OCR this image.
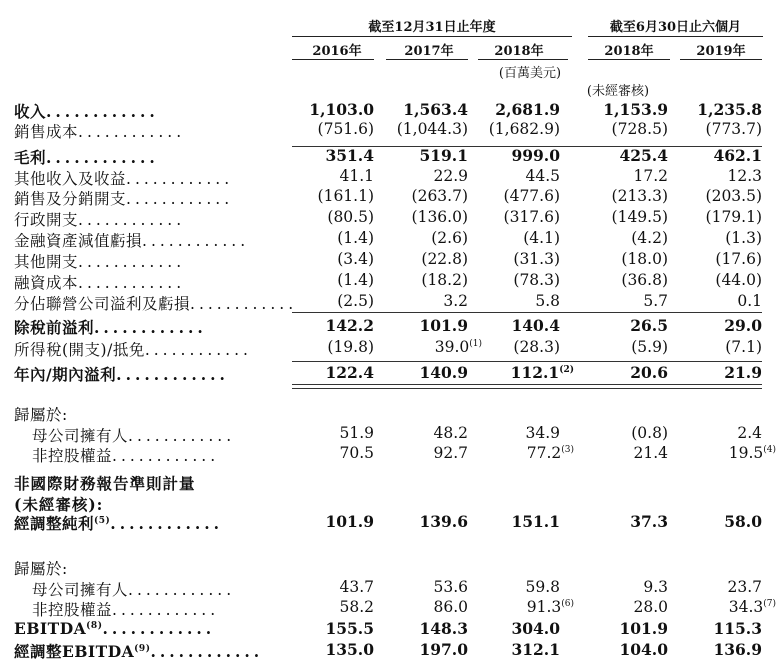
截至12月31日止年度	截至6月30日止六個月
2016年	2017年	2018年	2018年	2019年
(百萬美元)
(未經審核)
收入............	1,103.0 1,563.4 2,681.9	1,153.9 1,235.8
銷售成本............	(751.6) (1,044.3) (1,682.9)	(728.5) (773.7)
毛利............	351.4	519.1	999.0	425.4	462.1
其他收入及收益............	41.1	22.9	44.5	17.2	12.3
銷售及分銷開支............	(161.1) (263.7) (477.6)	(213.3) (203.5)
行政開支............	(80.5) (136.0) (317.6)	(149.5) (179.1)
金融資產減值虧損............	(1.4)	(2.6)	(4.1)	(4.2)	(1.3)
其他開支............	(3.4)	(22.8)	(31.3)	(18.0)	(17.6)
融資成本............	(1.4)	(18.2)	(78.3)	(36.8)	(44.0)
分佔聯營公司溢利及虧損............	(2.5)	3.2	5.8	5.7	0.1
除稅前溢利............	142.2	101.9	140.4	26.5	29.0
所得稅(開支)/抵免............	(19.8)	39.0$^{(1)}$ (28.3)	(5.9)	(7.1)
年內/期內溢利............	122.4	140.9	112.1$^{(2)}$	20.6	21.9
歸屬於:
母公司擁有人............	51.9	48.2	34.9	(0.8)	2.4
非控股權益............	70.5	92.7	77.2$^{(3)}$	21.4	19.5$^{(4)}$
經調整純利$^{(5)}$............	101.9	139.6	151.1	37.3	58.0
歸屬於:
母公司擁有人............	43.7	53.6	59.8	9.3	23.7
非控股權益............	58.2	86.0	91.3$^{(6)}$	28.0	34.3$^{(7)}$
EBITDA$^{(8)}$............	155.5	148.3	304.0	101.9	115.3
經調整EBITDA$^{(9)}$............	135.0	197.0	312.1	104.0	136.9
非國際財務報告準則計量
(未經審核):
